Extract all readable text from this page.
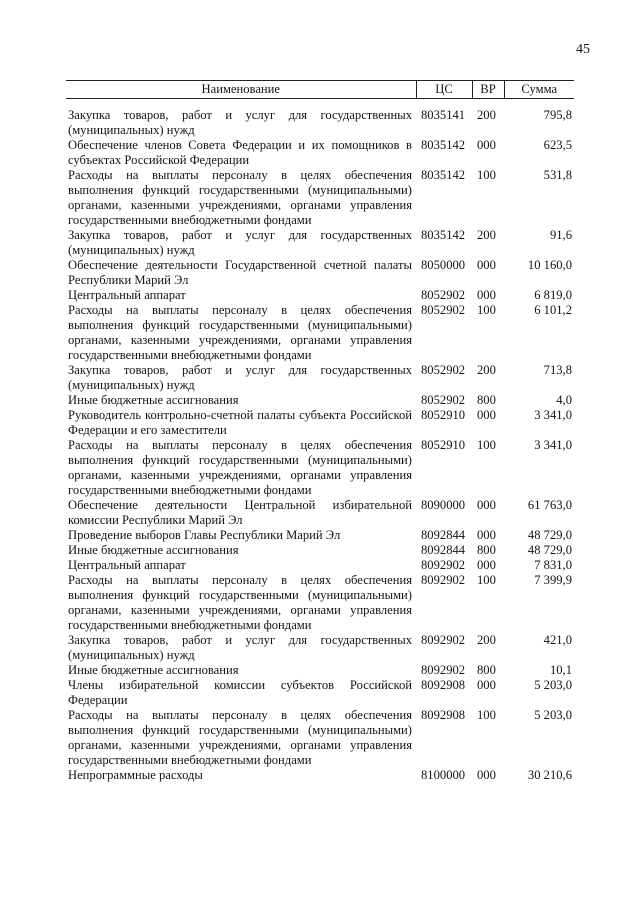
45
Наименование	ЦС	ВР	Сумма

Закупка товаров, работ и услуг для государственных (муниципальных) нужд	8035141	200	795,8
Обеспечение членов Совета Федерации и их помощников в субъектах Российской Федерации	8035142	000	623,5
Расходы на выплаты персоналу в целях обеспечения выполнения функций государственными (муниципальными) органами, казенными учреждениями, органами управления государственными внебюджетными фондами	8035142	100	531,8
Закупка товаров, работ и услуг для государственных (муниципальных) нужд	8035142	200	91,6
Обеспечение деятельности Государственной счетной палаты Республики Марий Эл	8050000	000	10 160,0
Центральный аппарат	8052902	000	6 819,0
Расходы на выплаты персоналу в целях обеспечения выполнения функций государственными (муниципальными) органами, казенными учреждениями, органами управления государственными внебюджетными фондами	8052902	100	6 101,2
Закупка товаров, работ и услуг для государственных (муниципальных) нужд	8052902	200	713,8
Иные бюджетные ассигнования	8052902	800	4,0
Руководитель контрольно-счетной палаты субъекта Российской Федерации и его заместители	8052910	000	3 341,0
Расходы на выплаты персоналу в целях обеспечения выполнения функций государственными (муниципальными) органами, казенными учреждениями, органами управления государственными внебюджетными фондами	8052910	100	3 341,0
Обеспечение деятельности Центральной избирательной комиссии Республики Марий Эл	8090000	000	61 763,0
Проведение выборов Главы Республики Марий Эл	8092844	000	48 729,0
Иные бюджетные ассигнования	8092844	800	48 729,0
Центральный аппарат	8092902	000	7 831,0
Расходы на выплаты персоналу в целях обеспечения выполнения функций государственными (муниципальными) органами, казенными учреждениями, органами управления государственными внебюджетными фондами	8092902	100	7 399,9
Закупка товаров, работ и услуг для государственных (муниципальных) нужд	8092902	200	421,0
Иные бюджетные ассигнования	8092902	800	10,1
Члены избирательной комиссии субъектов Российской Федерации	8092908	000	5 203,0
Расходы на выплаты персоналу в целях обеспечения выполнения функций государственными (муниципальными) органами, казенными учреждениями, органами управления государственными внебюджетными фондами	8092908	100	5 203,0
Непрограммные расходы	8100000	000	30 210,6
